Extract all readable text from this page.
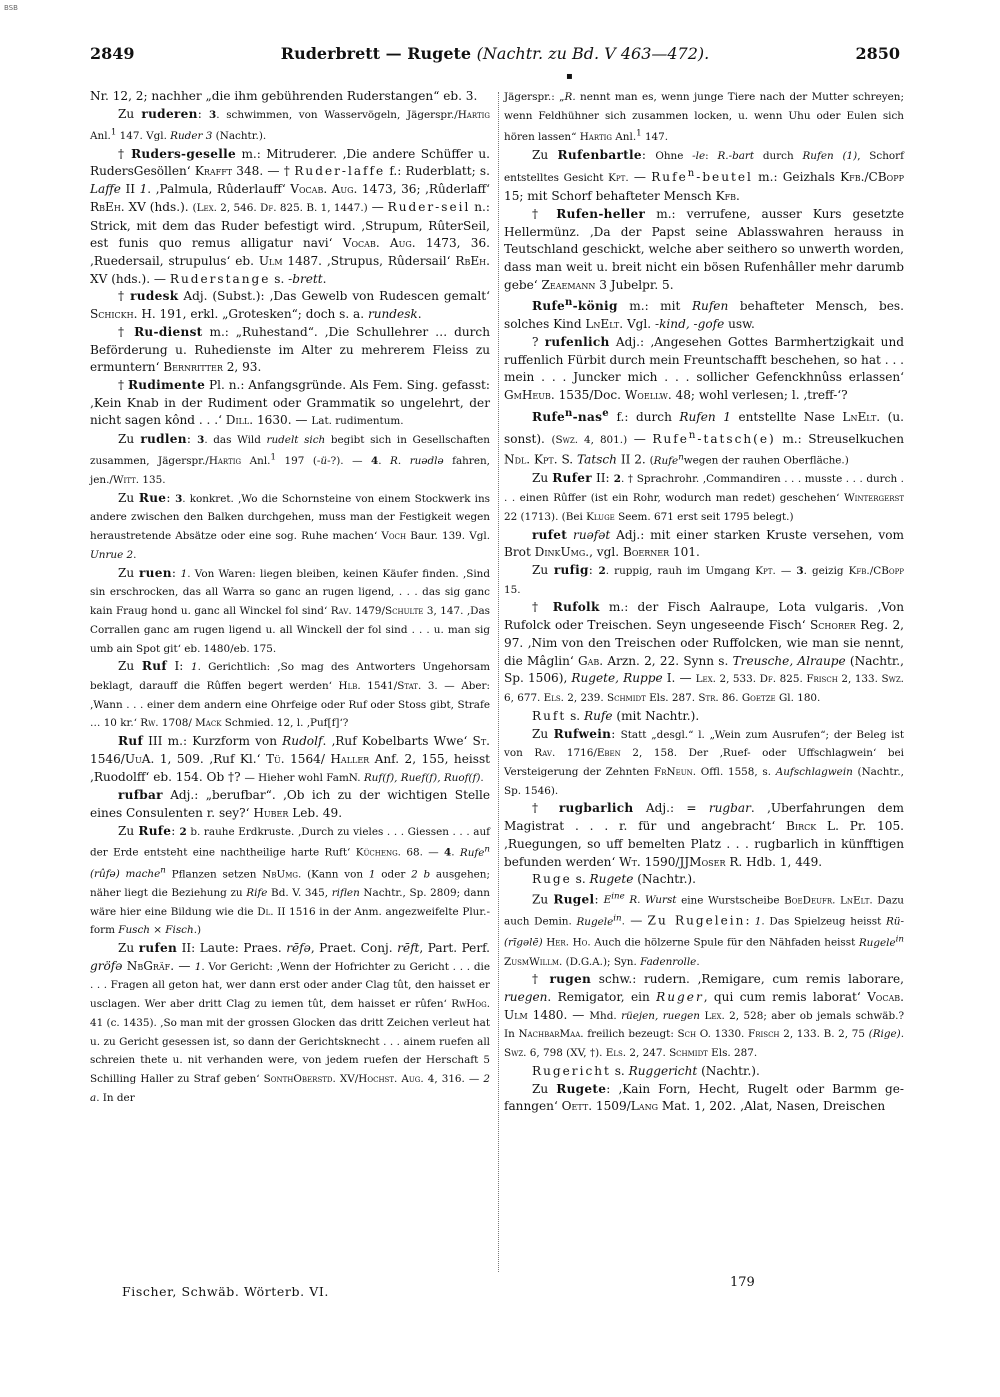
BSB
▪
2849	Ruderbrett — Rugete (Nachtr. zu Bd. V 463—472).	2850

Nr. 12, 2; nachher „die ihm gebührenden Ruderstangen“ eb. 3.

Zu ruderen: 3. schwimmen, von Wasservögeln, Jägerspr./Hartig Anl.$^1$ 147. Vgl. Ruder 3 (Nachtr.).

† Ruders-geselle m.: Mitruderer. ‚Die andere Schüffer u. RudersGesöllen‘ Krafft 348. — † Ruder-laffe f.: Ruderblatt; s. Laffe II 1. ‚Palmula, Rûderlauff‘ Vocab. Aug. 1473, 36; ‚Rûderlaff‘ RbEh. XV (hds.). (Lex. 2, 546. Df. 825. B. 1, 1447.) — Ruder-seil n.: Strick, mit dem das Ruder befestigt wird. ‚Strupum, RûterSeil, est funis quo remus alligatur navi‘ Vocab. Aug. 1473, 36. ‚Ruedersail, strupulus‘ eb. Ulm 1487. ‚Strupus, Rûdersail‘ RbEh. XV (hds.). — Ruderstange s. -brett.

† rudesk Adj. (Subst.): ‚Das Gewelb von Rudescen gemalt‘ Schickh. H. 191, erkl. „Grotesken“; doch s. a. rundesk.

† Ru-dienst m.: „Ruhestand“. ‚Die Schullehrer … durch Beförderung u. Ruhedienste im Alter zu mehrerem Fleiss zu ermuntern‘ Bernritter 2, 93.

† Rudimente Pl. n.: Anfangsgründe. Als Fem. Sing. gefasst: ‚Kein Knab in der Rudiment oder Grammatik so ungelehrt, der nicht sagen kônd . . .‘ Dill. 1630. — Lat. rudimentum.

Zu rudlen: 3. das Wild rudelt sich begibt sich in Gesellschaften zusammen, Jägerspr./Hartig Anl.$^1$ 197 (-ü-?). — 4. R. ruədlə fahren, jen./Witt. 135.

Zu Rue: 3. konkret. ‚Wo die Schornsteine von einem Stockwerk ins andere zwischen den Balken durchgehen, muss man der Festigkeit wegen heraustretende Absätze oder eine sog. Ruhe machen‘ Voch Baur. 139. Vgl. Unrue 2.

Zu ruen: 1. Von Waren: liegen bleiben, keinen Käufer finden. ‚Sind sin erschrocken, das all Warra so ganc an rugen ligend, . . . das sig ganc kain Fraug hond u. ganc all Winckel fol sind‘ Rav. 1479/Schulte 3, 147. ‚Das Corrallen ganc am rugen ligend u. all Winckell der fol sind . . . u. man sig umb ain Spot git‘ eb. 1480/eb. 175.

Zu Ruf I: 1. Gerichtlich: ‚So mag des Antworters Ungehorsam beklagt, darauff die Rûffen begert werden‘ Hlb. 1541/Stat. 3. — Aber: ‚Wann . . . einer dem andern eine Ohrfeige oder Ruf oder Stoss gibt, Strafe … 10 kr.‘ Rw. 1708/ Mack Schmied. 12, l. ‚Puf[f]‘?

Ruf III m.: Kurzform von Rudolf. ‚Ruf Kobelbarts Wwe‘ St. 1546/UuA. 1, 509. ‚Ruf Kl.‘ Tü. 1564/ Haller Anf. 2, 155, heisst ‚Ruodolff‘ eb. 154. Ob †? — Hieher wohl FamN. Ruf(f), Ruef(f), Ruof(f).

rufbar Adj.: „berufbar“. ‚Ob ich zu der wichtigen Stelle eines Consulenten r. sey?‘ Huber Leb. 49.

Zu Rufe: 2 b. rauhe Erdkruste. ‚Durch zu vieles . . . Giessen . . . auf der Erde entsteht eine nachtheilige harte Ruft‘ Kücheng. 68. — 4. Rufe$^n$ (rûfə) mache$^n$ Pflanzen setzen NbUmg. (Kann von 1 oder 2 b ausgehen; näher liegt die Beziehung zu Rife Bd. V. 345, riflen Nachtr., Sp. 2809; dann wäre hier eine Bildung wie die Dl. II 1516 in der Anm. angezweifelte Plur.-form Fusch × Fisch.)

Zu rufen II: Laute: Praes. rēfə, Praet. Conj. rēft, Part. Perf. gröfə NbGräf. — 1. Vor Gericht: ‚Wenn der Hofrichter zu Gericht . . . die . . . Fragen all geton hat, wer dann erst oder ander Clag tût, den haisset er usclagen. Wer aber dritt Clag zu iemen tût, dem haisset er rûfen‘ RwHog. 41 (c. 1435). ‚So man mit der grossen Glocken das dritt Zeichen verleut hat u. zu Gericht gesessen ist, so dann der Gerichtsknecht . . . ainem ruefen all schreien thete u. nit verhanden were, von jedem ruefen der Herschaft 5 Schilling Haller zu Straf geben‘ SonthOberstd. XV/Hochst. Aug. 4, 316. — 2 a. In der

Jägerspr.: „R. nennt man es, wenn junge Tiere nach der Mutter schreyen; wenn Feldhühner sich zusammen locken, u. wenn Uhu oder Eulen sich hören lassen“ Hartig Anl.$^1$ 147.

Zu Rufenbartle: Ohne -le: R.-bart durch Rufen (1), Schorf entstelltes Gesicht Kpt. — Rufe$^n$-beutel m.: Geizhals Kfb./CBopp 15; mit Schorf behafteter Mensch Kfb.

† Rufen-heller m.: verrufene, ausser Kurs gesetzte Hellermünz. ‚Da der Papst seine Ablasswahren herauss in Teutschland geschickt, welche aber seithero so unwerth worden, dass man weit u. breit nicht ein bösen Rufenhâller mehr darumb gebe‘ Zeaemann 3 Jubelpr. 5.

Rufe$^n$-könig m.: mit Rufen behafteter Mensch, bes. solches Kind LnElt. Vgl. -kind, -gofe usw.

? rufenlich Adj.: ‚Angesehen Gottes Barmhertzigkait und ruffenlich Fürbit durch mein Freuntschafft beschehen, so hat . . . mein . . . Juncker mich . . . sollicher Gefenckhnûss erlassen‘ GmHeub. 1535/Doc. Woellw. 48; wohl verlesen; l. ‚treff-‘?

Rufe$^n$-nas$^e$ f.: durch Rufen 1 entstellte Nase LnElt. (u. sonst). (Swz. 4, 801.) — Rufe$^n$-tatsch(e) m.: Streuselkuchen Ndl. Kpt. S. Tatsch II 2. (Rufe$^n$wegen der rauhen Oberfläche.)

Zu Rufer II: 2. † Sprachrohr. ‚Commandiren . . . musste . . . durch . . . einen Rûffer (ist ein Rohr, wodurch man redet) geschehen‘ Wintergerst 22 (1713). (Bei Kluge Seem. 671 erst seit 1795 belegt.)

rufet ruəfət Adj.: mit einer starken Kruste versehen, vom Brot DinkUmg., vgl. Boerner 101.

Zu rufig: 2. ruppig, rauh im Umgang Kpt. — 3. geizig Kfb./CBopp 15.

† Rufolk m.: der Fisch Aalraupe, Lota vulgaris. ‚Von Rufolck oder Treischen. Seyn ungeseende Fisch‘ Schorer Reg. 2, 97. ‚Nim von den Treischen oder Ruffolcken, wie man sie nennt, die Mâglin‘ Gab. Arzn. 2, 22. Synn s. Treusche, Alraupe (Nachtr., Sp. 1506), Rugete, Ruppe I. — Lex. 2, 533. Df. 825. Frisch 2, 133. Swz. 6, 677. Els. 2, 239. Schmidt Els. 287. Str. 86. Goetze Gl. 180.

Ruft s. Rufe (mit Nachtr.).

Zu Rufwein: Statt „desgl.“ l. „Wein zum Ausrufen“; der Beleg ist von Rav. 1716/Eben 2, 158. Der ‚Ruef- oder Uffschlagwein‘ bei Versteigerung der Zehnten FrNeun. Offl. 1558, s. Aufschlagwein (Nachtr., Sp. 1546).

† rugbarlich Adj.: = rugbar. ‚Uberfahrungen dem Magistrat . . . r. für und angebracht‘ Birck L. Pr. 105. ‚Ruegungen, so uff bemelten Platz . . . rugbarlich in künfftigen befunden werden‘ Wt. 1590/JJMoser R. Hdb. 1, 449.

Ruge s. Rugete (Nachtr.).

Zu Rugel: $E^{ine}$ R. Wurst eine Wurstscheibe BoeDeufr. LnElt. Dazu auch Demin. Rugele$^{in}$. — Zu Rugelein: 1. Das Spielzeug heisst Rü- (rīgəlē) Her. Ho. Auch die hölzerne Spule für den Nähfaden heisst Rugele$^{in}$ ZusmWillm. (D.G.A.); Syn. Fadenrolle.

† rugen schw.: rudern. ‚Remigare, cum remis laborare, ruegen. Remigator, ein Ruger, qui cum remis laborat‘ Vocab. Ulm 1480. — Mhd. rüejen, ruegen Lex. 2, 528; aber ob jemals schwäb.? In NachbarMaa. freilich bezeugt: Sch O. 1330. Frisch 2, 133. B. 2, 75 (Rige). Swz. 6, 798 (XV, †). Els. 2, 247. Schmidt Els. 287.

Rugericht s. Ruggericht (Nachtr.).

Zu Rugete: ‚Kain Forn, Hecht, Rugelt oder Barmm gefanngen‘ Oett. 1509/Lang Mat. 1, 202. ‚Alat, Nasen, Dreischen

Fischer, Schwäb. Wörterb. VI.
179
